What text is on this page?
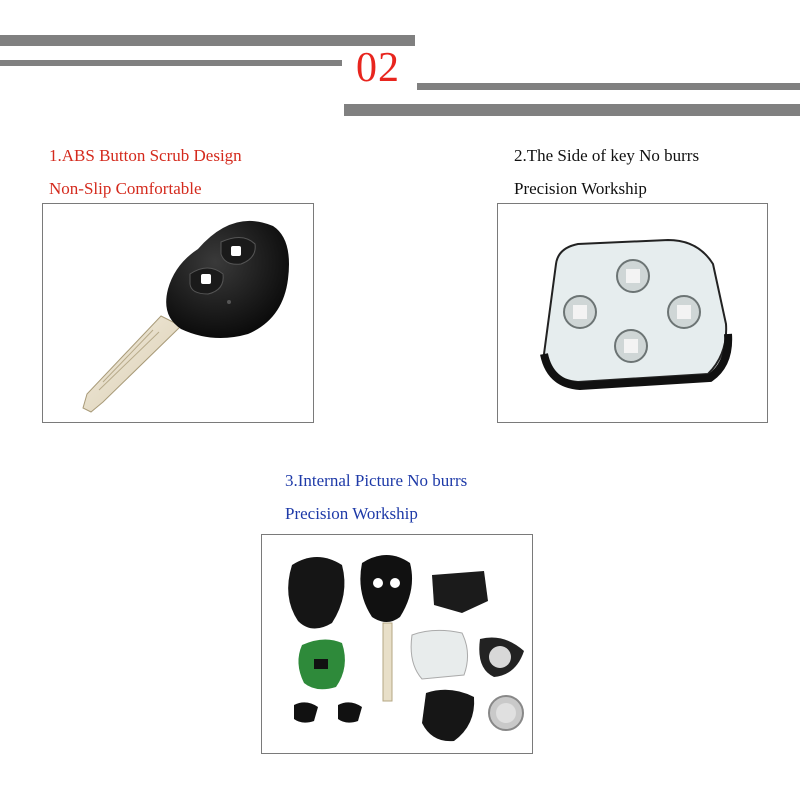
02
1.ABS Button Scrub Design
Non-Slip Comfortable
2.The Side of key No burrs
Precision Workship
3.Internal Picture No burrs
Precision Workship
